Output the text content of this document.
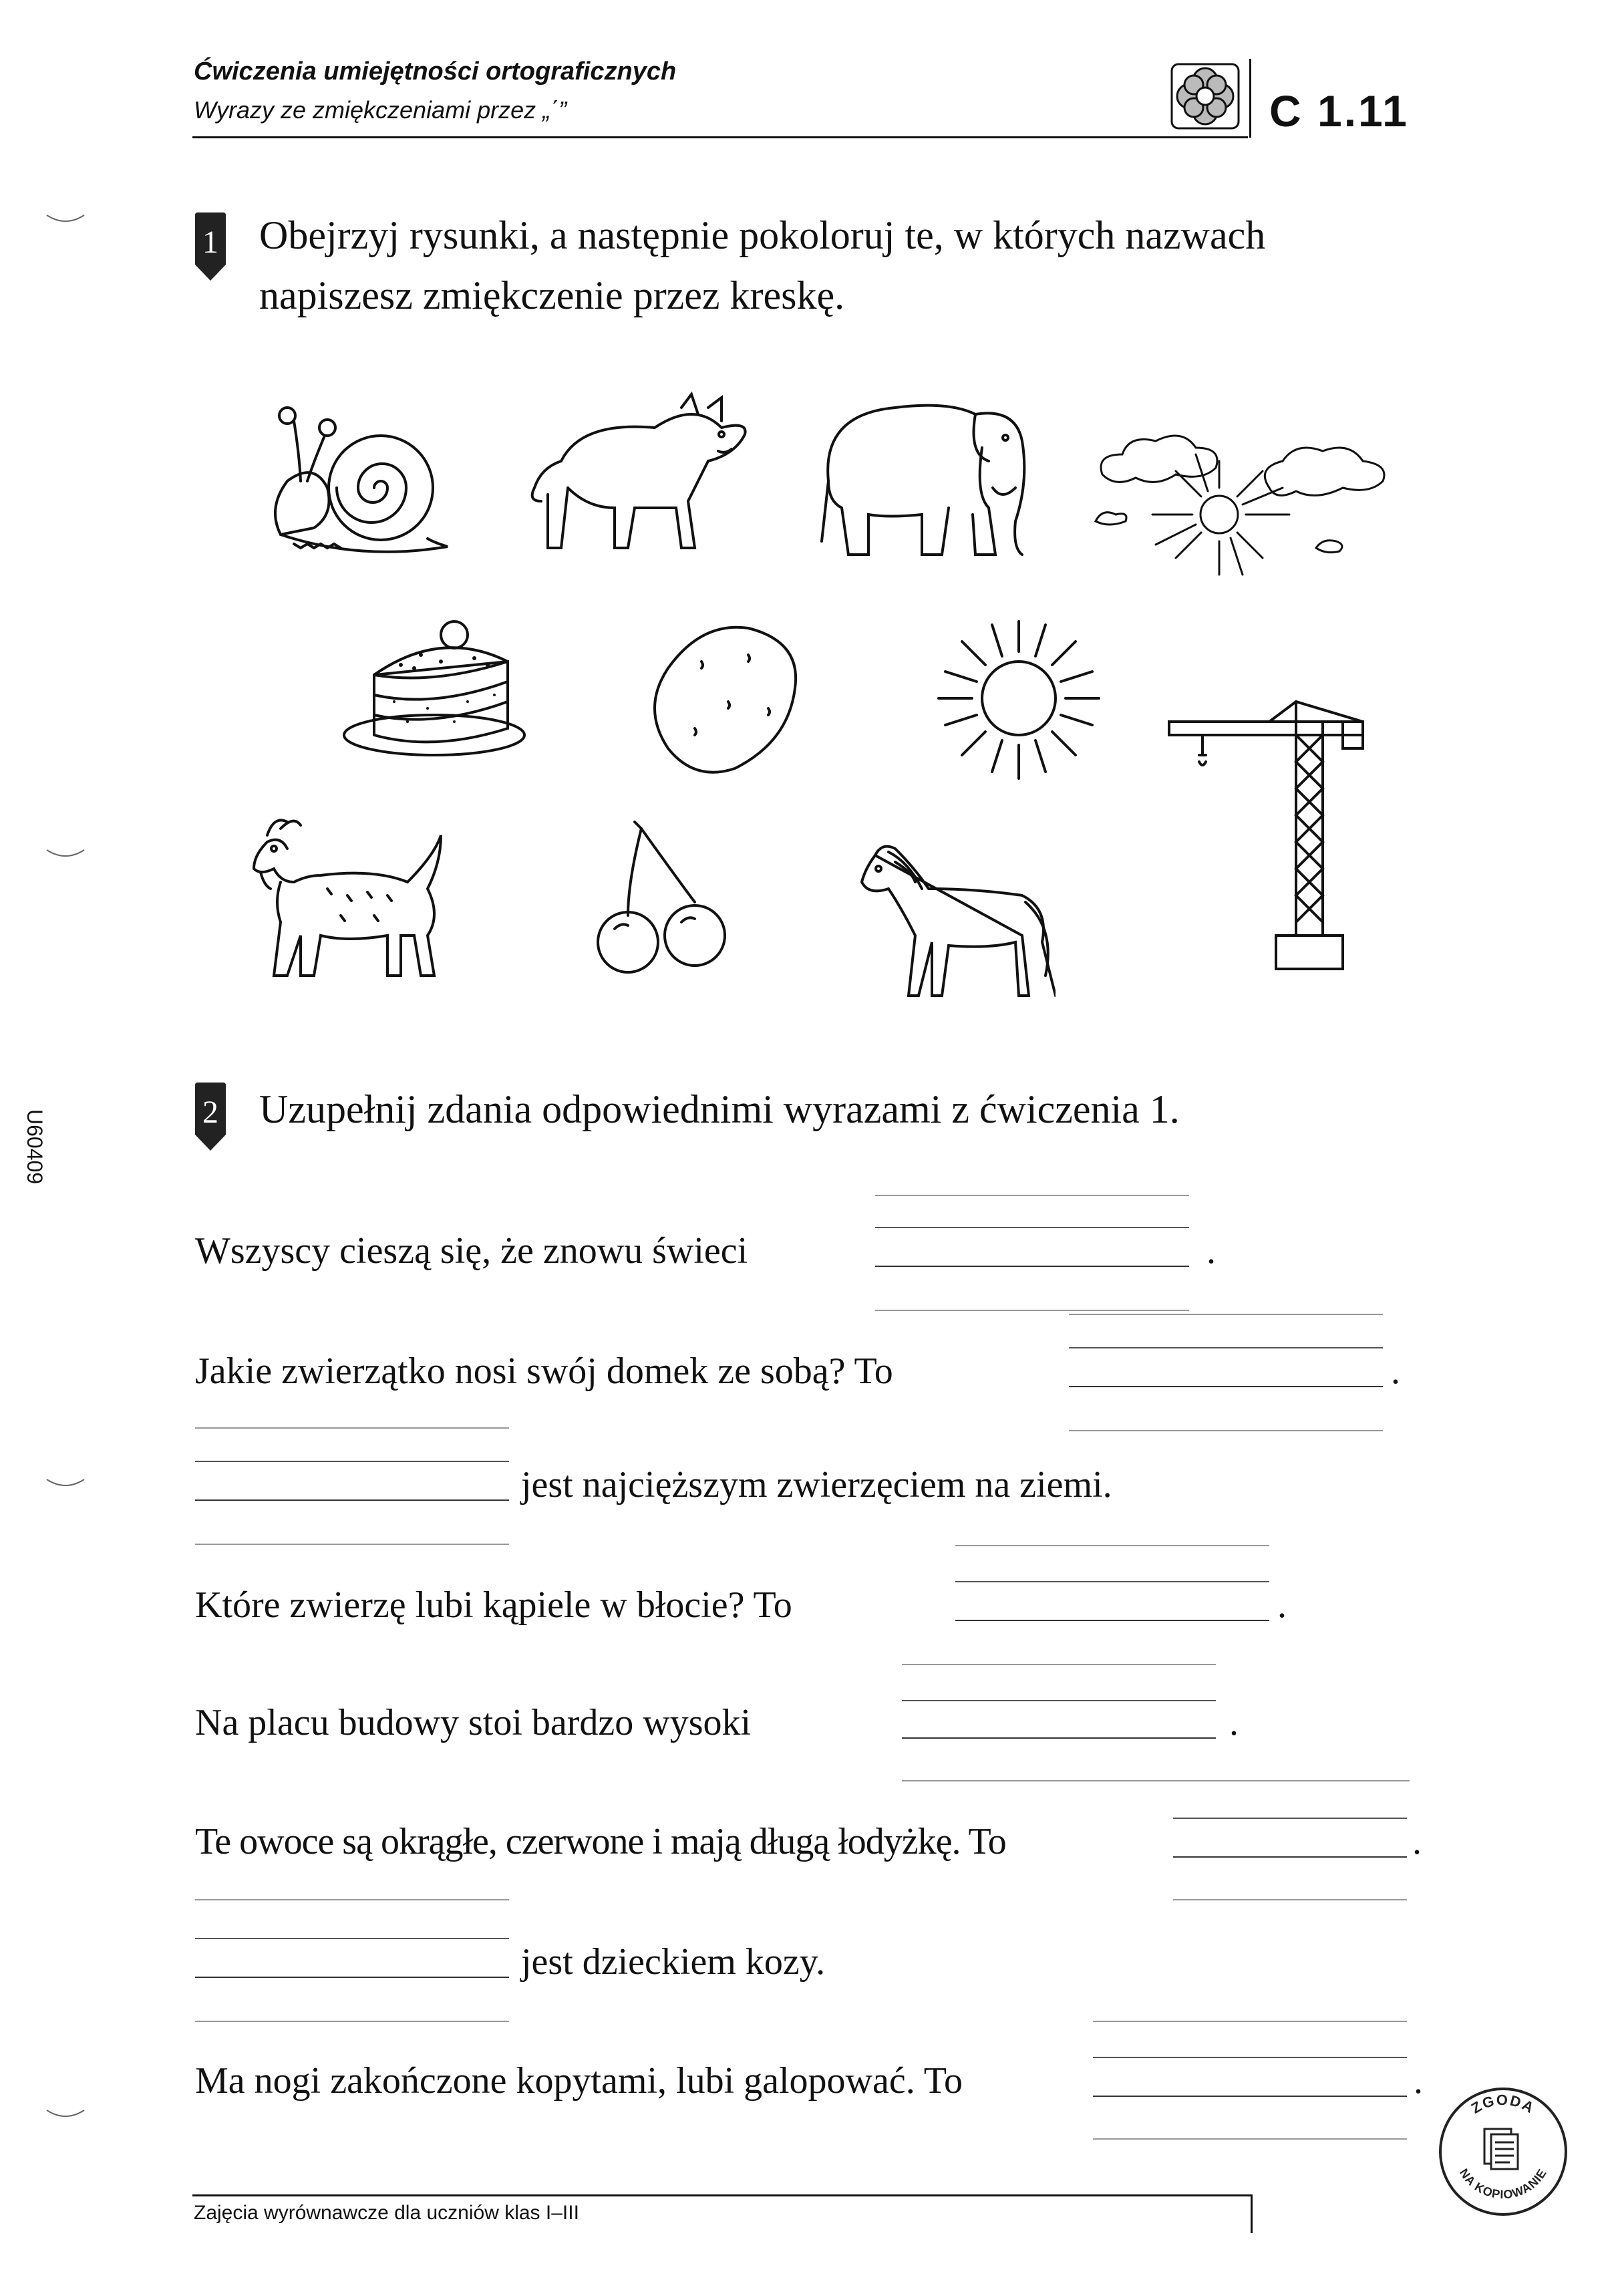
Ćwiczenia umiejętności ortograficznych
Wyrazy ze zmiękczeniami przez „΄”	C 1.11
U60409
1 Obejrzyj rysunki, a następnie pokoloruj te, w których nazwach
napiszesz zmiękczenie przez kreskę.
2 Uzupełnij zdania odpowiednimi wyrazami z ćwiczenia 1.
Wszyscy cieszą się, że znowu świeci	.
Jakie zwierzątko nosi swój domek ze sobą? To	.
jest najcięższym zwierzęciem na ziemi.
Które zwierzę lubi kąpiele w błocie? To	.
Na placu budowy stoi bardzo wysoki	.
Te owoce są okrągłe, czerwone i mają długą łodyżkę. To	.
jest dzieckiem kozy.
Ma nogi zakończone kopytami, lubi galopować. To	.
Zajęcia wyrównawcze dla uczniów klas I–III
ZGODA
NA KOPIOWANIE
